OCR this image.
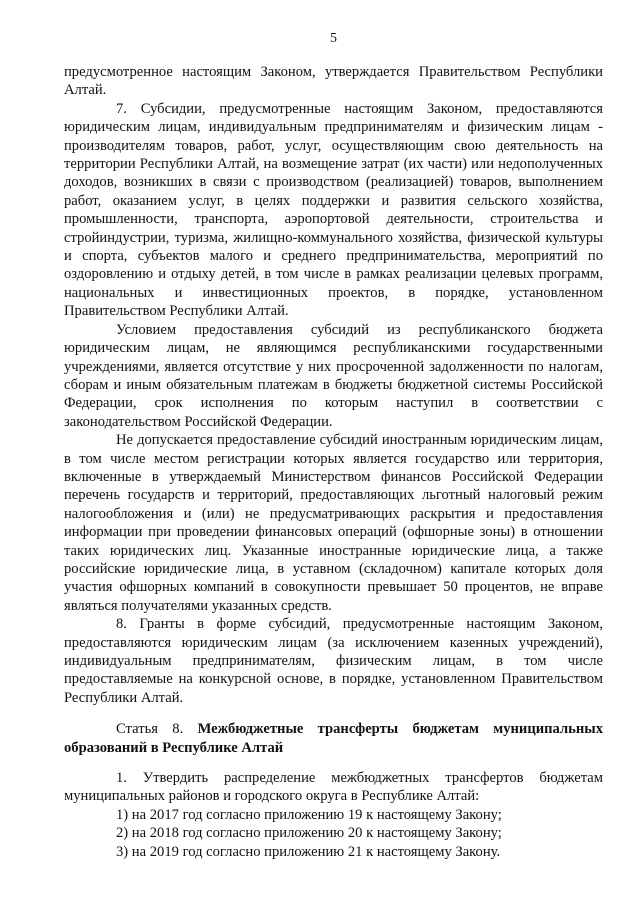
5

предусмотренное настоящим Законом, утверждается Правительством Республики Алтай.

7. Субсидии, предусмотренные настоящим Законом, предоставляются юридическим лицам, индивидуальным предпринимателям и физическим лицам - производителям товаров, работ, услуг, осуществляющим свою деятельность на территории Республики Алтай, на возмещение затрат (их части) или недополученных доходов, возникших в связи с производством (реализацией) товаров, выполнением работ, оказанием услуг, в целях поддержки и развития сельского хозяйства, промышленности, транспорта, аэропортовой деятельности, строительства и стройиндустрии, туризма, жилищно-коммунального хозяйства, физической культуры и спорта, субъектов малого и среднего предпринимательства, мероприятий по оздоровлению и отдыху детей, в том числе в рамках реализации целевых программ, национальных и инвестиционных проектов, в порядке, установленном Правительством Республики Алтай.

Условием предоставления субсидий из республиканского бюджета юридическим лицам, не являющимся республиканскими государственными учреждениями, является отсутствие у них просроченной задолженности по налогам, сборам и иным обязательным платежам в бюджеты бюджетной системы Российской Федерации, срок исполнения по которым наступил в соответствии с законодательством Российской Федерации.

Не допускается предоставление субсидий иностранным юридическим лицам, в том числе местом регистрации которых является государство или территория, включенные в утверждаемый Министерством финансов Российской Федерации перечень государств и территорий, предоставляющих льготный налоговый режим налогообложения и (или) не предусматривающих раскрытия и предоставления информации при проведении финансовых операций (офшорные зоны) в отношении таких юридических лиц. Указанные иностранные юридические лица, а также российские юридические лица, в уставном (складочном) капитале которых доля участия офшорных компаний в совокупности превышает 50 процентов, не вправе являться получателями указанных средств.

8. Гранты в форме субсидий, предусмотренные настоящим Законом, предоставляются юридическим лицам (за исключением казенных учреждений), индивидуальным предпринимателям, физическим лицам, в том числе предоставляемые на конкурсной основе, в порядке, установленном Правительством Республики Алтай.

Статья 8. Межбюджетные трансферты бюджетам муниципальных образований в Республике Алтай

1. Утвердить распределение межбюджетных трансфертов бюджетам муниципальных районов и городского округа в Республике Алтай:

1) на 2017 год согласно приложению 19 к настоящему Закону;

2) на 2018 год согласно приложению 20 к настоящему Закону;

3) на 2019 год согласно приложению 21 к настоящему Закону.
